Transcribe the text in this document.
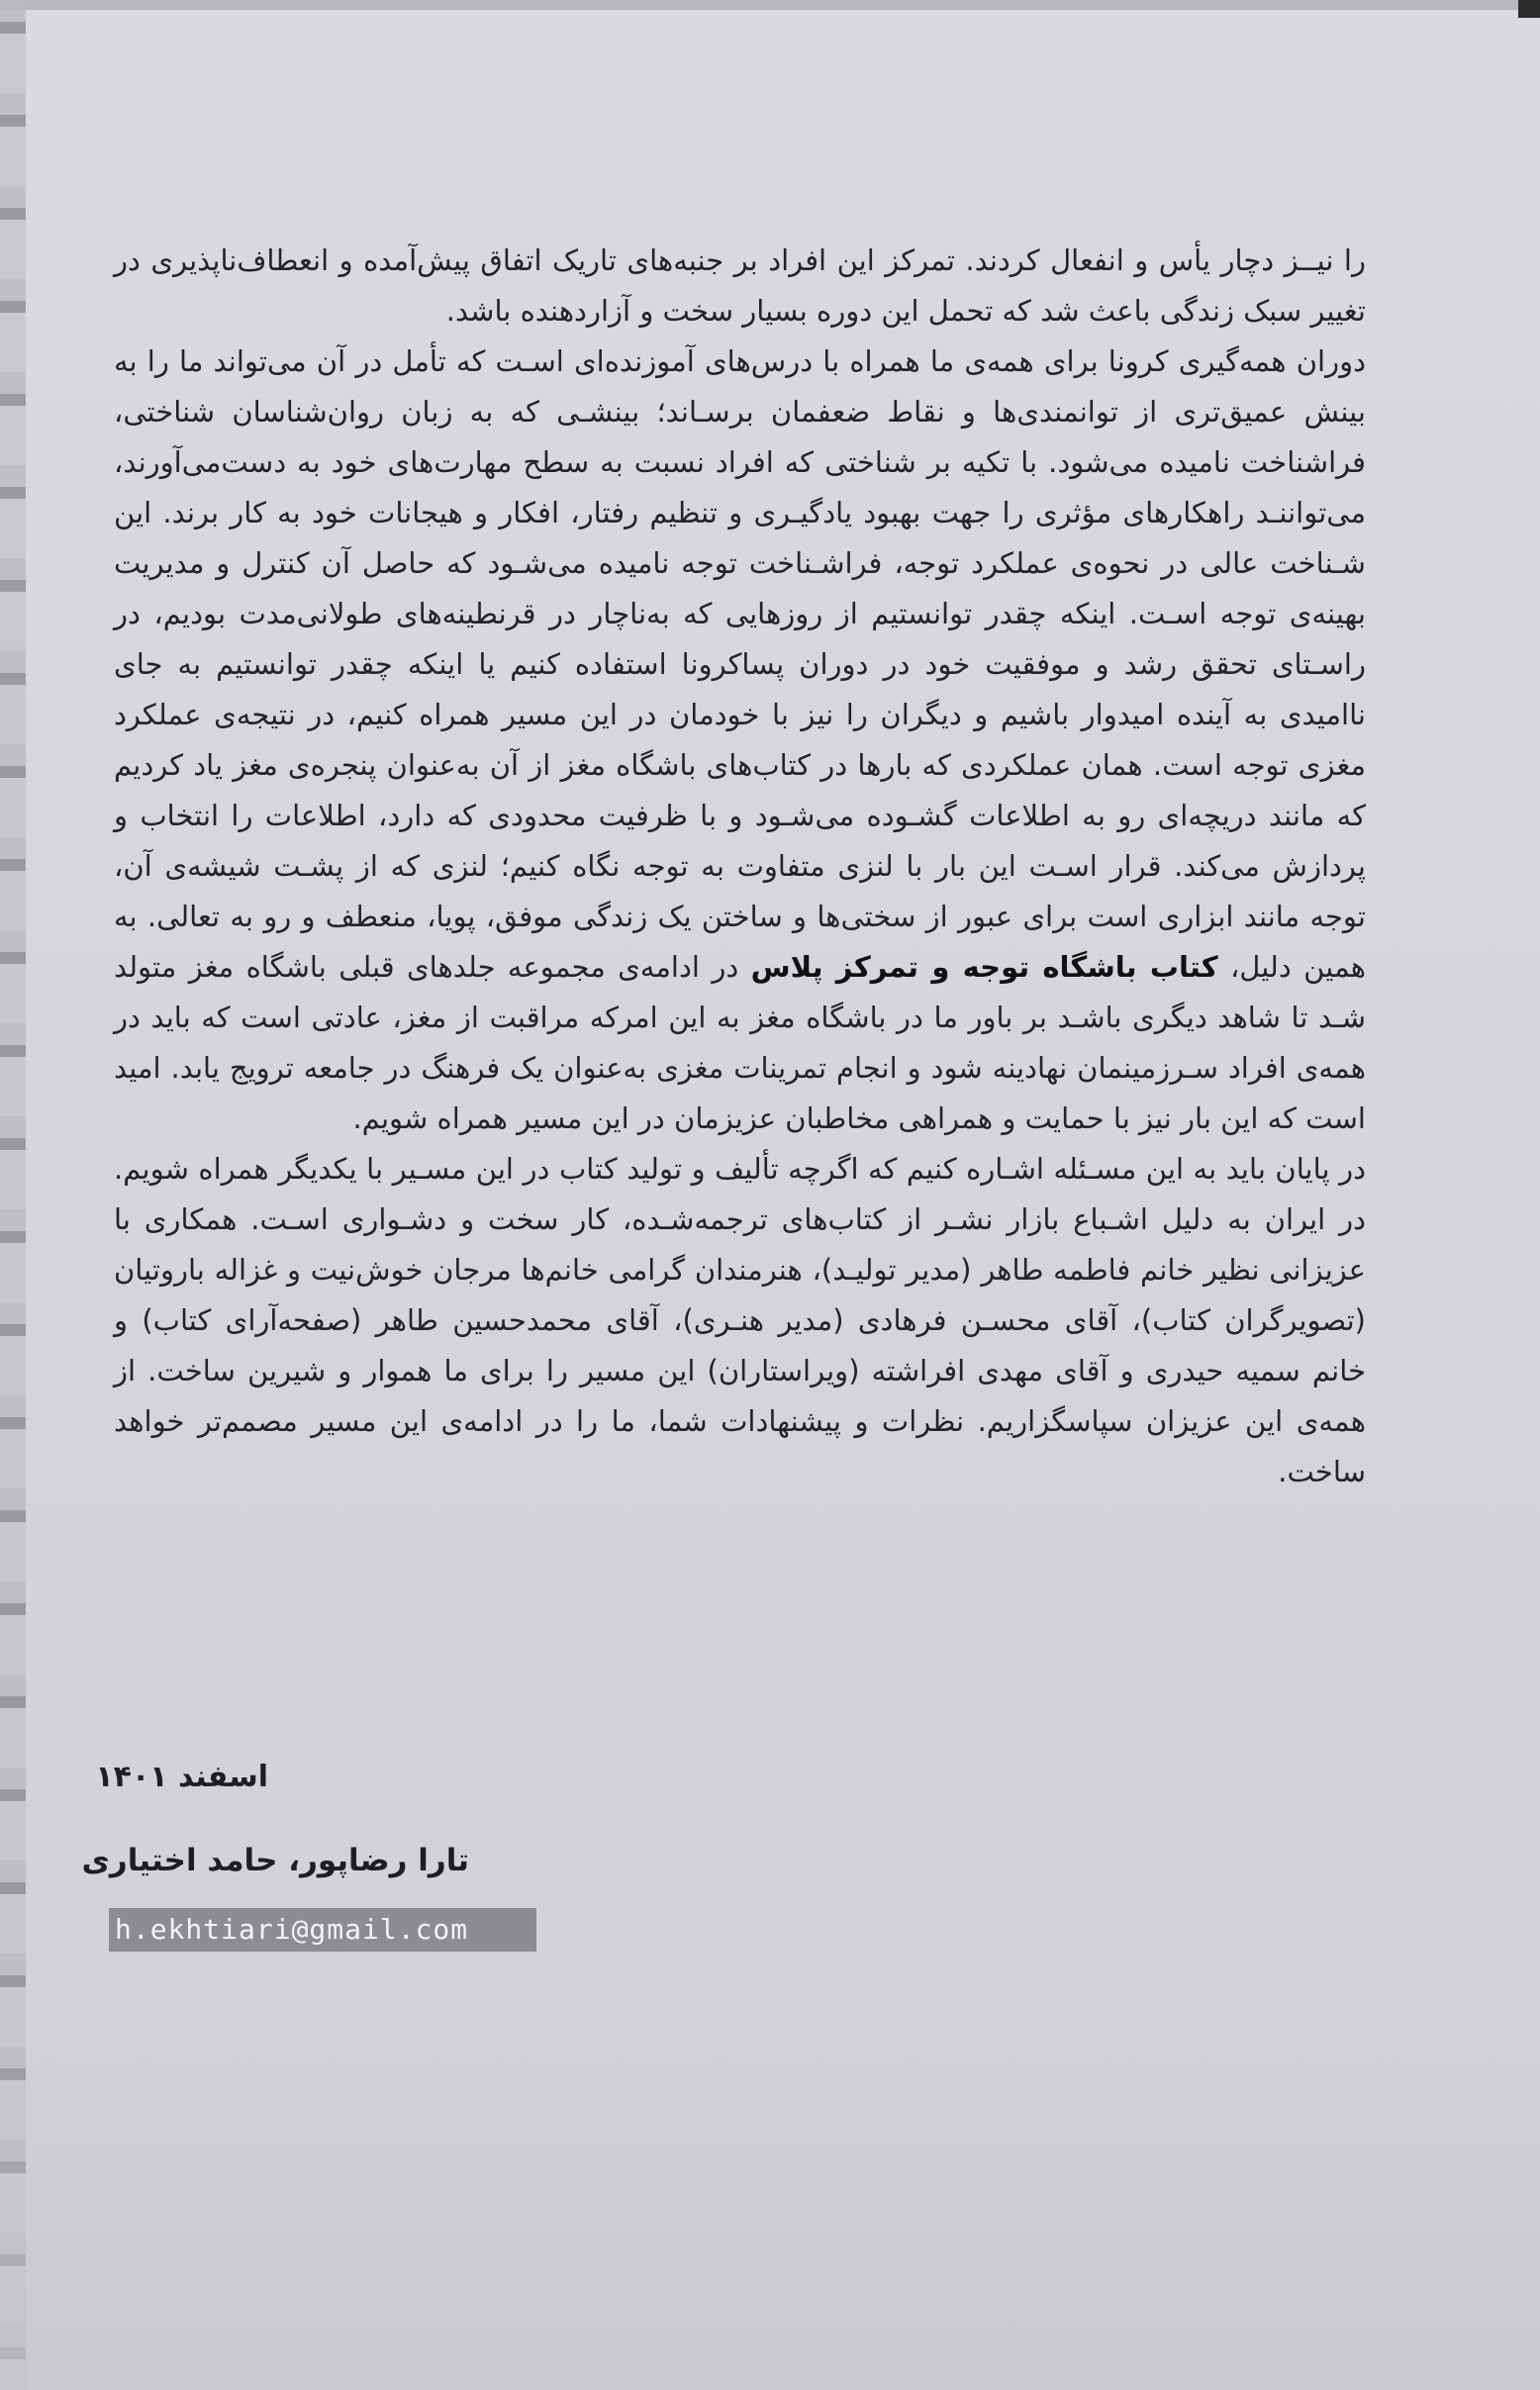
را نیــز دچار یأس و انفعال کردند. تمرکز این افراد بر جنبه‌های تاریک اتفاق پیش‌آمده و انعطاف‌ناپذیری در تغییر سبک زندگی باعث شد که تحمل این دوره بسیار سخت و آزاردهنده باشد.

دوران همه‌گیری کرونا برای همه‌ی ما همراه با درس‌های آموزنده‌ای اسـت که تأمل در آن می‌تواند ما را به بینش عمیق‌تری از توانمندی‌ها و نقاط ضعفمان برسـاند؛ بینشـی که به زبان روان‌شناسان شناختی، فراشناخت نامیده می‌شود. با تکیه بر شناختی که افراد نسبت به سطح مهارت‌های خود به دست‌می‌آورند، می‌تواننـد راهکارهای مؤثری را جهت بهبود یادگیـری و تنظیم رفتار، افکار و هیجانات خود به کار برند. این شـناخت عالی در نحوه‌ی عملکرد توجه، فراشـناخت توجه نامیده می‌شـود که حاصل آن کنترل و مدیریت بهینه‌ی توجه اسـت. اینکه چقدر توانستیم از روزهایی که به‌ناچار در قرنطینه‌های طولانی‌مدت بودیم، در راسـتای تحقق رشد و موفقیت خود در دوران پساکرونا استفاده کنیم یا اینکه چقدر توانستیم به جای ناامیدی به آینده امیدوار باشیم و دیگران را نیز با خودمان در این مسیر همراه کنیم، در نتیجه‌ی عملکرد مغزی توجه است. همان عملکردی که بارها در کتاب‌های باشگاه مغز از آن به‌عنوان پنجره‌ی مغز یاد کردیم که مانند دریچه‌ای رو به اطلاعات گشـوده می‌شـود و با ظرفیت محدودی که دارد، اطلاعات را انتخاب و پردازش می‌کند. قرار اسـت این بار با لنزی متفاوت به توجه نگاه کنیم؛ لنزی که از پشـت شیشه‌ی آن، توجه مانند ابزاری است برای عبور از سختی‌ها و ساختن یک زندگی موفق، پویا، منعطف و رو به تعالی. به همین دلیل، کتاب باشگاه توجه و تمرکز پلاس در ادامه‌ی مجموعه جلدهای قبلی باشگاه مغز متولد شـد تا شاهد دیگری باشـد بر باور ما در باشگاه مغز به این امرکه مراقبت از مغز، عادتی است که باید در همه‌ی افراد سـرزمینمان نهادینه شود و انجام تمرینات مغزی به‌عنوان یک فرهنگ در جامعه ترویج یابد. امید است که این بار نیز با حمایت و همراهی مخاطبان عزیزمان در این مسیر همراه شویم.

در پایان باید به این مسـئله اشـاره کنیم که اگرچه تألیف و تولید کتاب در این مسـیر با یکدیگر همراه شویم. در ایران به دلیل اشـباع بازار نشـر از کتاب‌های ترجمه‌شـده، کار سخت و دشـواری اسـت. همکاری با عزیزانی نظیر خانم فاطمه طاهر (مدیر تولیـد)، هنرمندان گرامی خانم‌ها مرجان خوش‌نیت و غزاله باروتیان (تصویرگران کتاب)، آقای محسـن فرهادی (مدیر هنـری)، آقای محمدحسین طاهر (صفحه‌آرای کتاب) و خانم سمیه حیدری و آقای مهدی افراشته (ویراستاران) این مسیر را برای ما هموار و شیرین ساخت. از همه‌ی این عزیزان سپاسگزاریم. نظرات و پیشنهادات شما، ما را در ادامه‌ی این مسیر مصمم‌تر خواهد ساخت.

اسفند ۱۴۰۱
تارا رضاپور، حامد اختیاری
h.ekhtiari@gmail.com
